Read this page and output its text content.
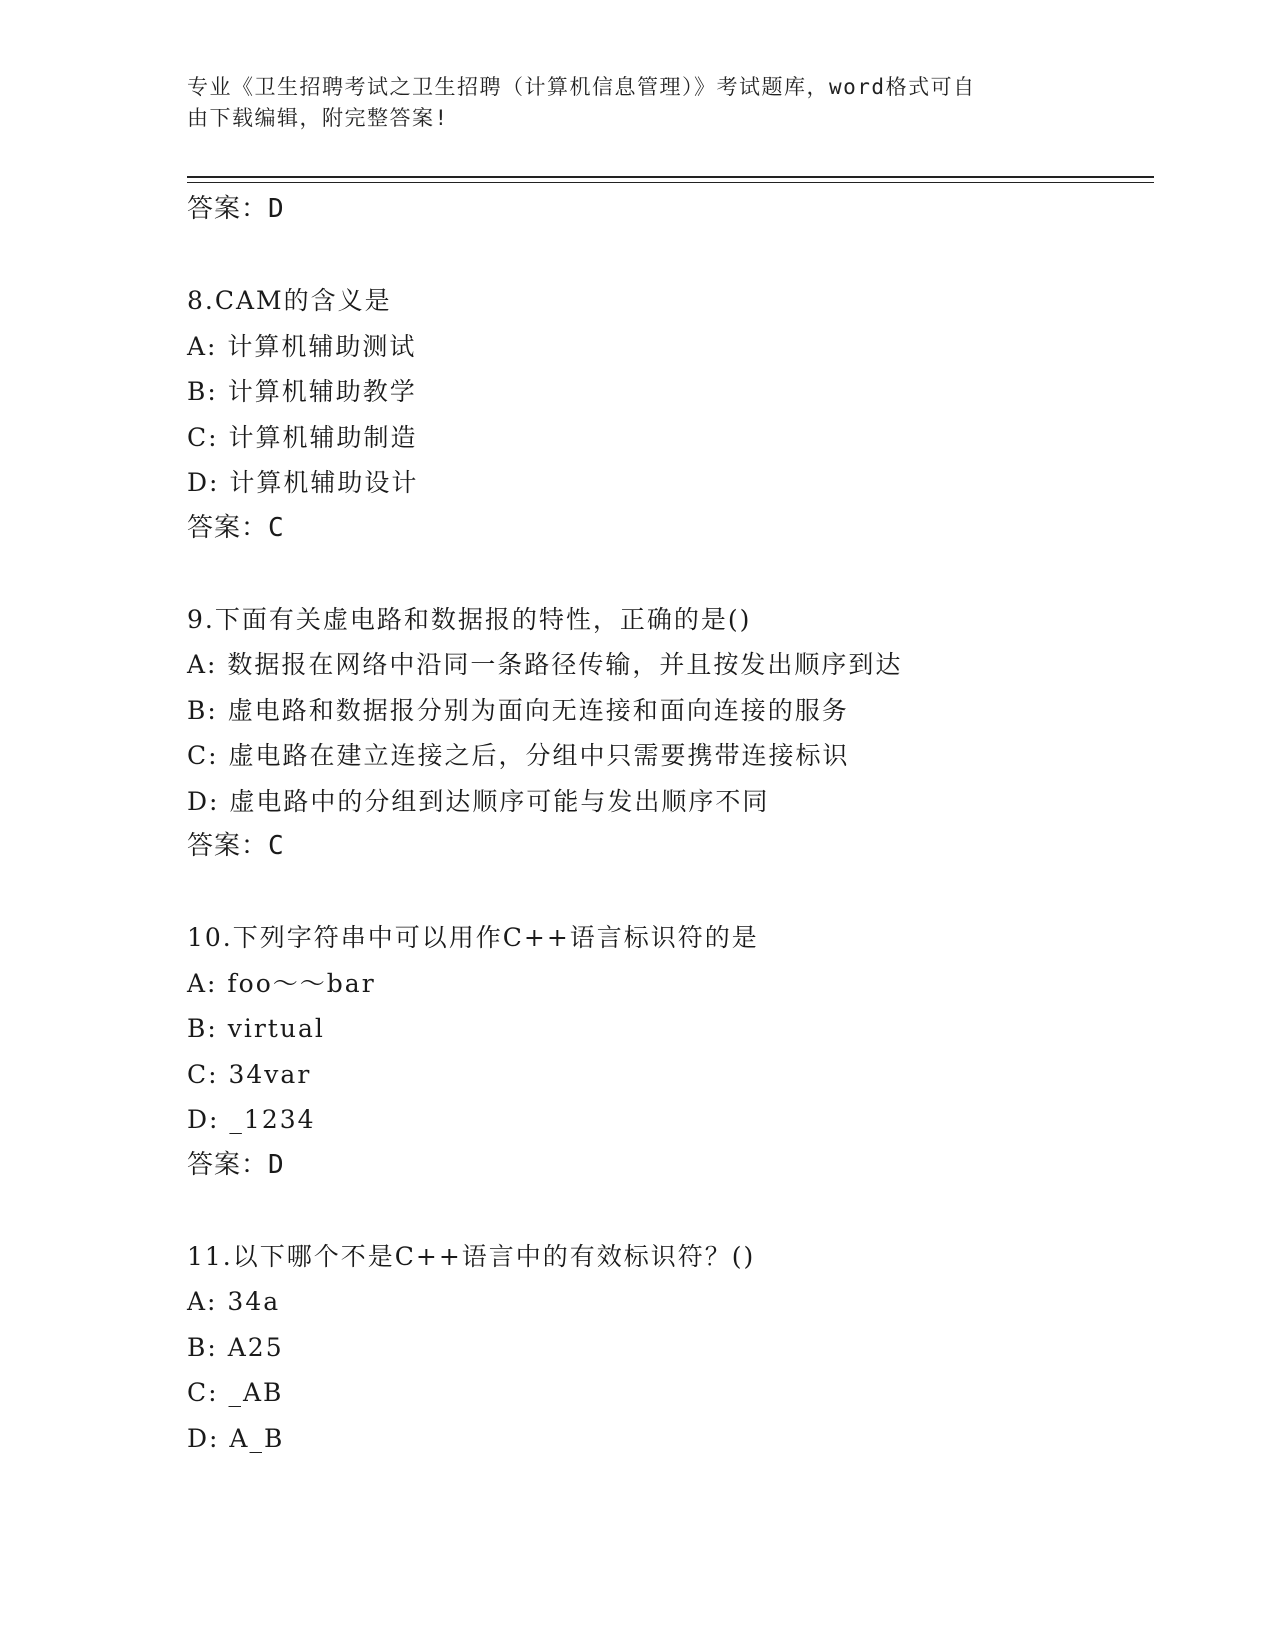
专业《卫生招聘考试之卫生招聘（计算机信息管理）》考试题库，word格式可自
由下载编辑，附完整答案!
答案：D
8.CAM的含义是
A: 计算机辅助测试
B: 计算机辅助教学
C: 计算机辅助制造
D: 计算机辅助设计
答案：C
9.下面有关虚电路和数据报的特性，正确的是()
A: 数据报在网络中沿同一条路径传输，并且按发出顺序到达
B: 虚电路和数据报分别为面向无连接和面向连接的服务
C: 虚电路在建立连接之后，分组中只需要携带连接标识
D: 虚电路中的分组到达顺序可能与发出顺序不同
答案：C
10.下列字符串中可以用作C++语言标识符的是
A: foo～～bar
B: virtual
C: 34var
D: _1234
答案：D
11.以下哪个不是C++语言中的有效标识符？()
A: 34a
B: A25
C: _AB
D: A_B
